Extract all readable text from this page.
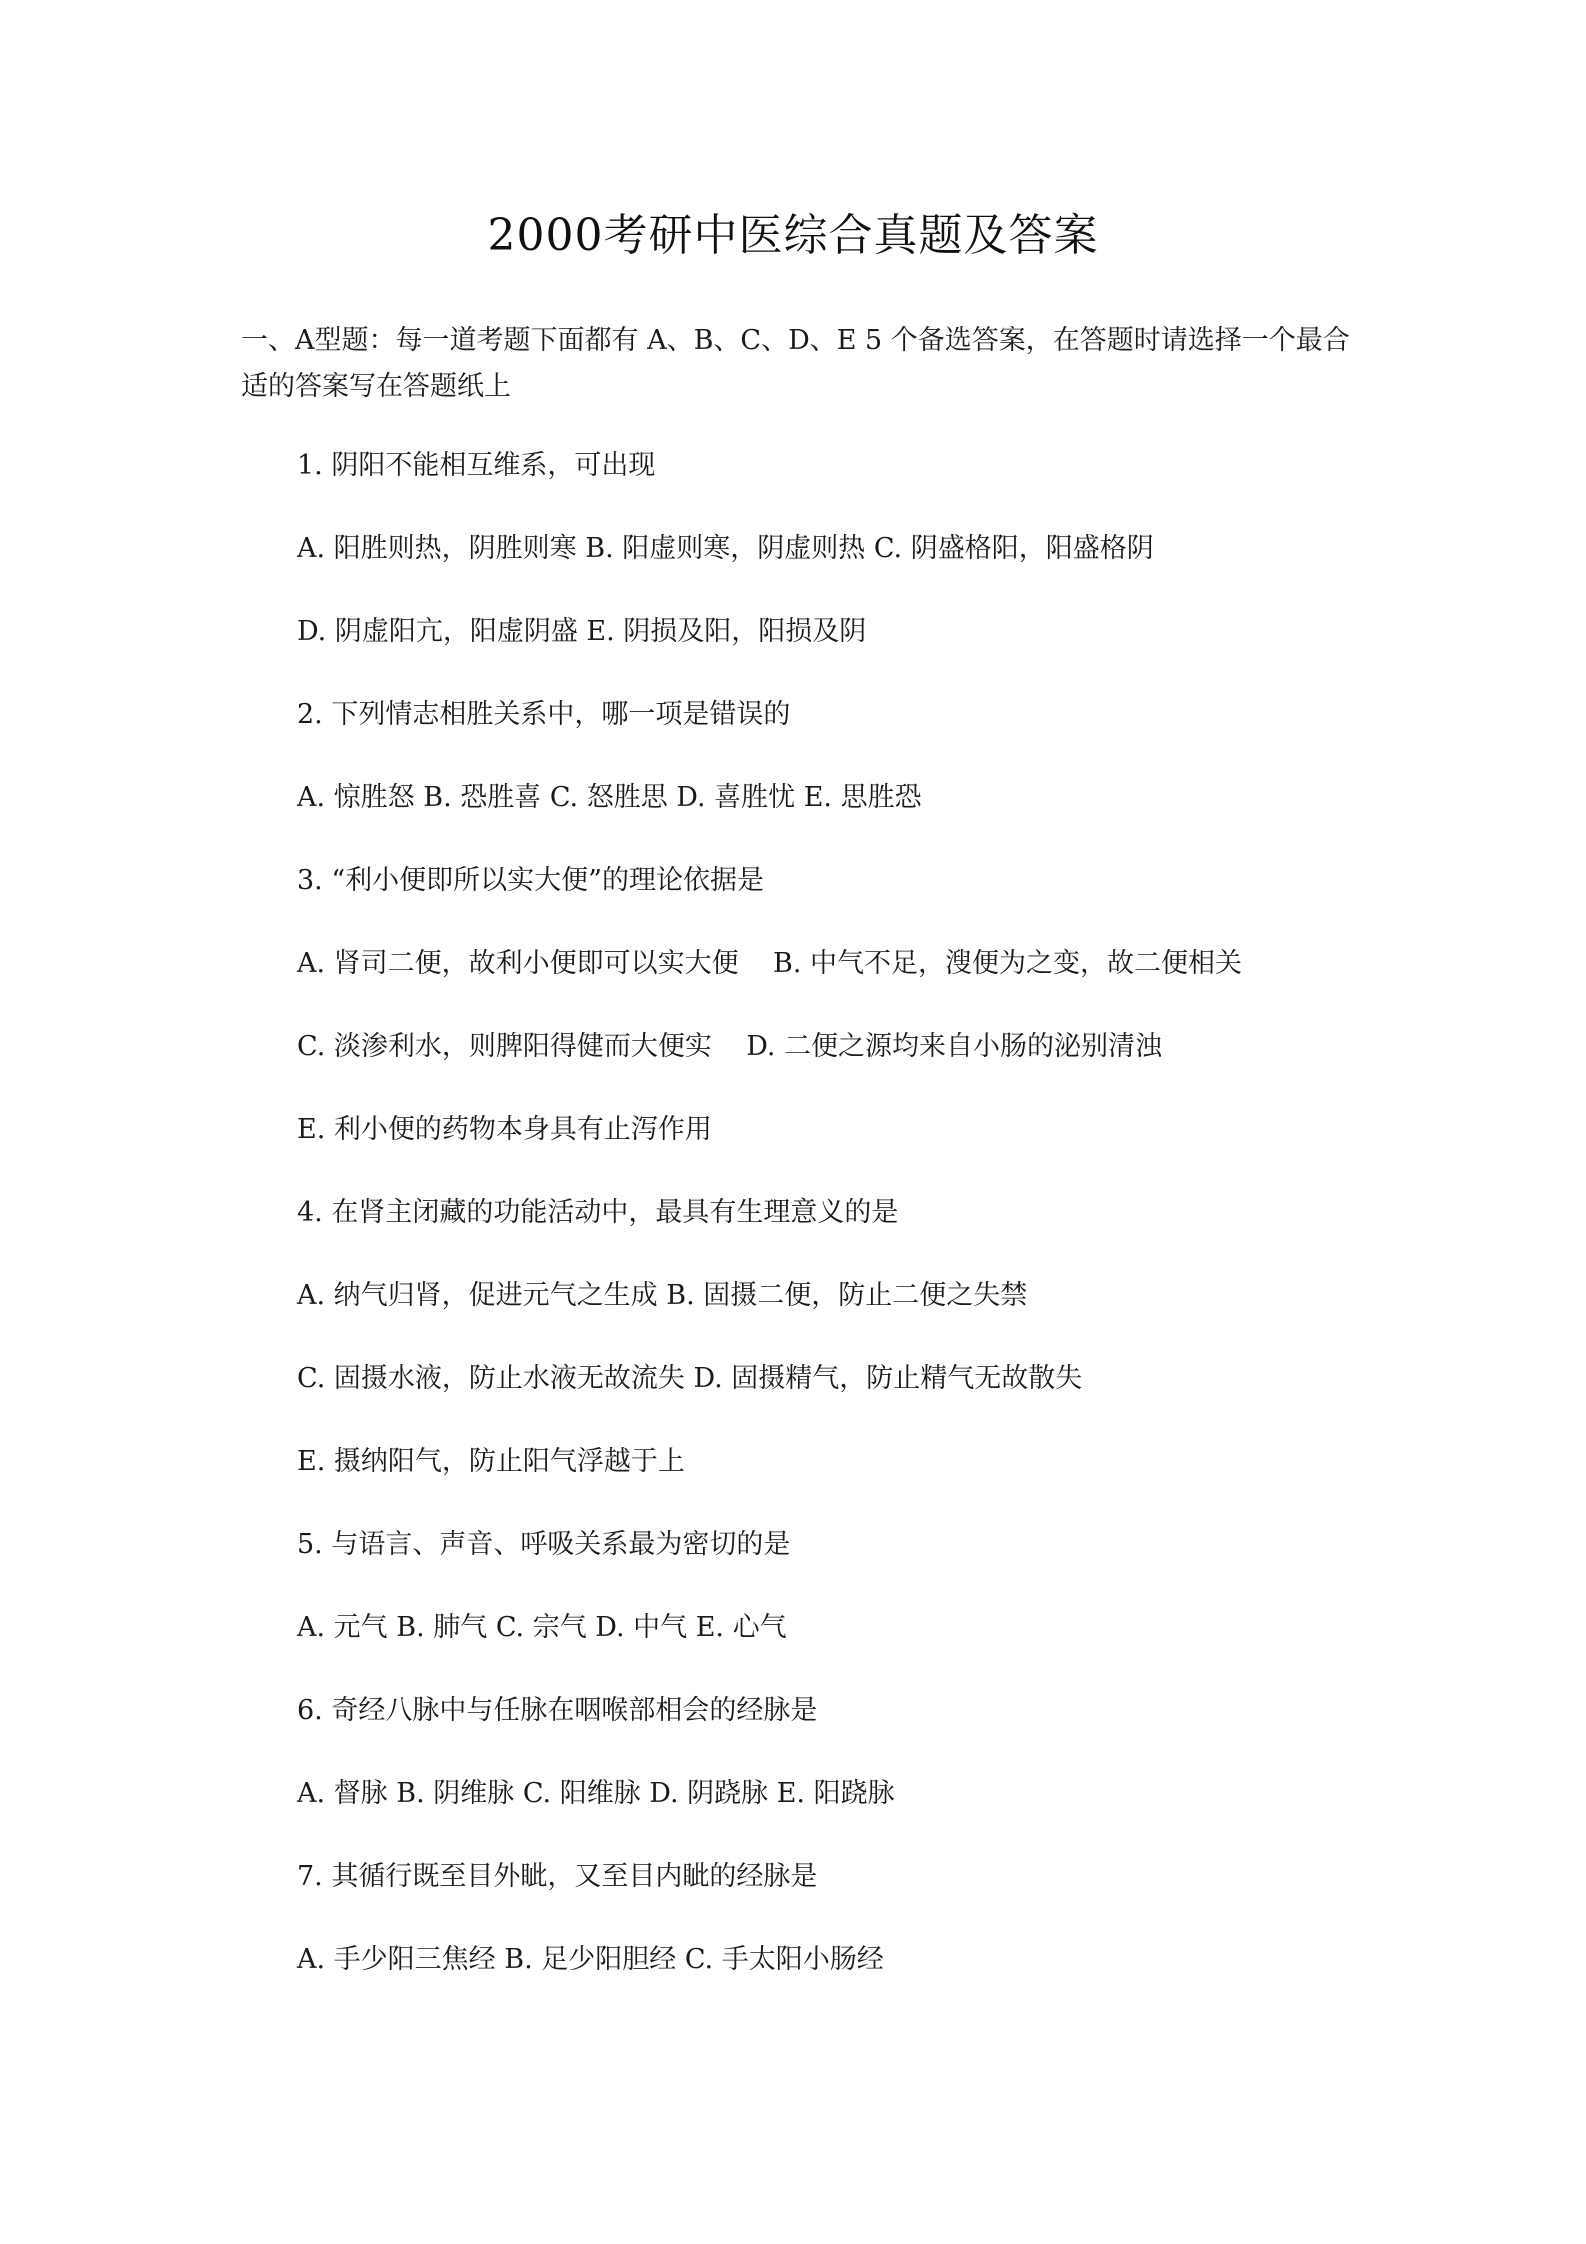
2000考研中医综合真题及答案
一、A型题：每一道考题下面都有 A、B、C、D、E 5 个备选答案，在答题时请选择一个最合适的答案写在答题纸上
1. 阴阳不能相互维系，可出现
A. 阳胜则热，阴胜则寒 B. 阳虚则寒，阴虚则热 C. 阴盛格阳，阳盛格阴
D. 阴虚阳亢，阳虚阴盛 E. 阴损及阳，阳损及阴
2. 下列情志相胜关系中，哪一项是错误的
A. 惊胜怒 B. 恐胜喜 C. 怒胜思 D. 喜胜忧 E. 思胜恐
3. “利小便即所以实大便”的理论依据是
A. 肾司二便，故利小便即可以实大便    B. 中气不足，溲便为之变，故二便相关
C. 淡渗利水，则脾阳得健而大便实    D. 二便之源均来自小肠的泌别清浊
E. 利小便的药物本身具有止泻作用
4. 在肾主闭藏的功能活动中，最具有生理意义的是
A. 纳气归肾，促进元气之生成 B. 固摄二便，防止二便之失禁
C. 固摄水液，防止水液无故流失 D. 固摄精气，防止精气无故散失
E. 摄纳阳气，防止阳气浮越于上
5. 与语言、声音、呼吸关系最为密切的是
A. 元气 B. 肺气 C. 宗气 D. 中气 E. 心气
6. 奇经八脉中与任脉在咽喉部相会的经脉是
A. 督脉 B. 阴维脉 C. 阳维脉 D. 阴跷脉 E. 阳跷脉
7. 其循行既至目外眦，又至目内眦的经脉是
A. 手少阳三焦经 B. 足少阳胆经 C. 手太阳小肠经
